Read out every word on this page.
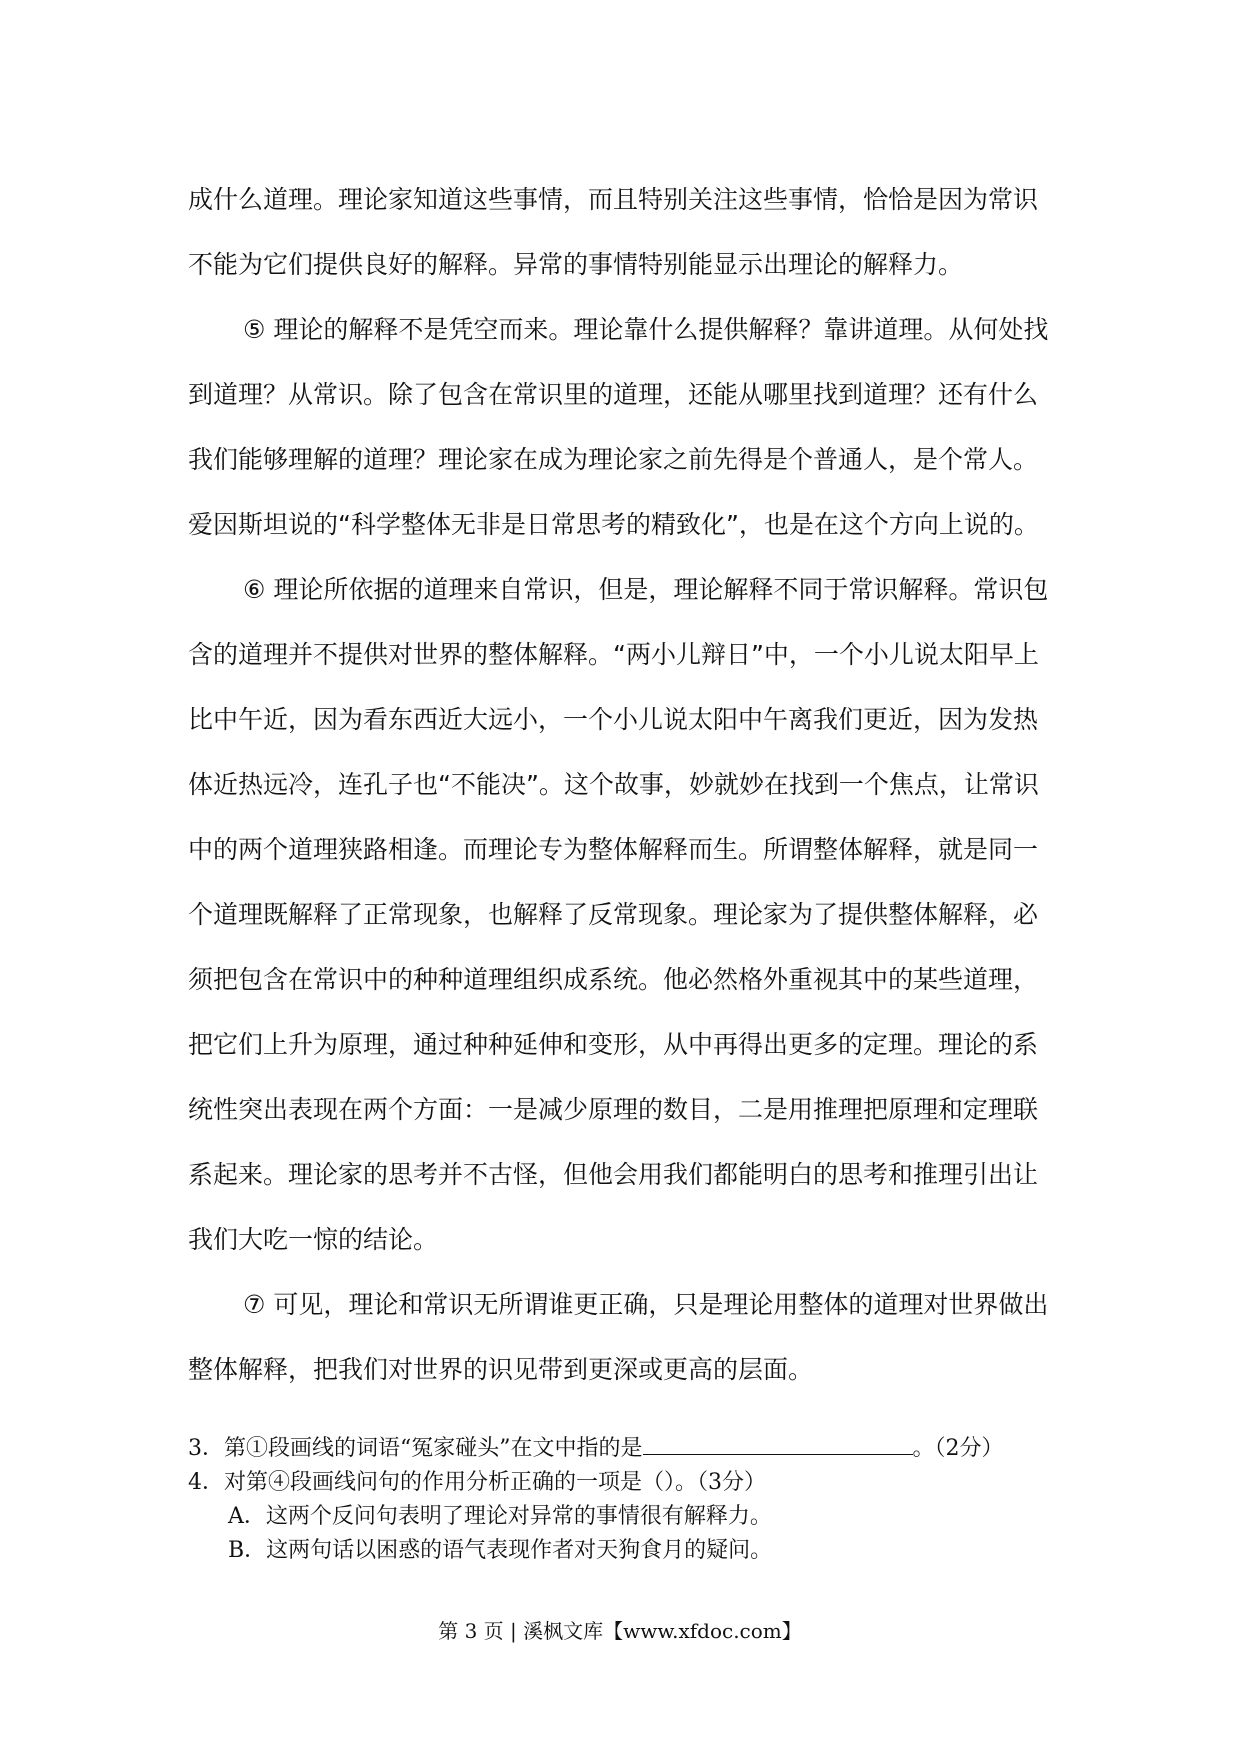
成什么道理。理论家知道这些事情，而且特别关注这些事情，恰恰是因为常识不能为它们提供良好的解释。异常的事情特别能显示出理论的解释力。

⑤ 理论的解释不是凭空而来。理论靠什么提供解释？靠讲道理。从何处找到道理？从常识。除了包含在常识里的道理，还能从哪里找到道理？还有什么我们能够理解的道理？理论家在成为理论家之前先得是个普通人，是个常人。爱因斯坦说的“科学整体无非是日常思考的精致化”，也是在这个方向上说的。

⑥ 理论所依据的道理来自常识，但是，理论解释不同于常识解释。常识包含的道理并不提供对世界的整体解释。“两小儿辩日”中，一个小儿说太阳早上比中午近，因为看东西近大远小，一个小儿说太阳中午离我们更近，因为发热体近热远冷，连孔子也“不能决”。这个故事，妙就妙在找到一个焦点，让常识中的两个道理狭路相逢。而理论专为整体解释而生。所谓整体解释，就是同一个道理既解释了正常现象，也解释了反常现象。理论家为了提供整体解释，必须把包含在常识中的种种道理组织成系统。他必然格外重视其中的某些道理，把它们上升为原理，通过种种延伸和变形，从中再得出更多的定理。理论的系统性突出表现在两个方面：一是减少原理的数目，二是用推理把原理和定理联系起来。理论家的思考并不古怪，但他会用我们都能明白的思考和推理引出让我们大吃一惊的结论。

⑦ 可见，理论和常识无所谓谁更正确，只是理论用整体的道理对世界做出整体解释，把我们对世界的识见带到更深或更高的层面。

3．第①段画线的词语“冤家碰头”在文中指的是	。（2分）

4．对第④段画线问句的作用分析正确的一项是（）。（3分）

A．这两个反问句表明了理论对异常的事情很有解释力。

B．这两句话以困惑的语气表现作者对天狗食月的疑问。

第 3 页 | 溪枫文库【www.xfdoc.com】
